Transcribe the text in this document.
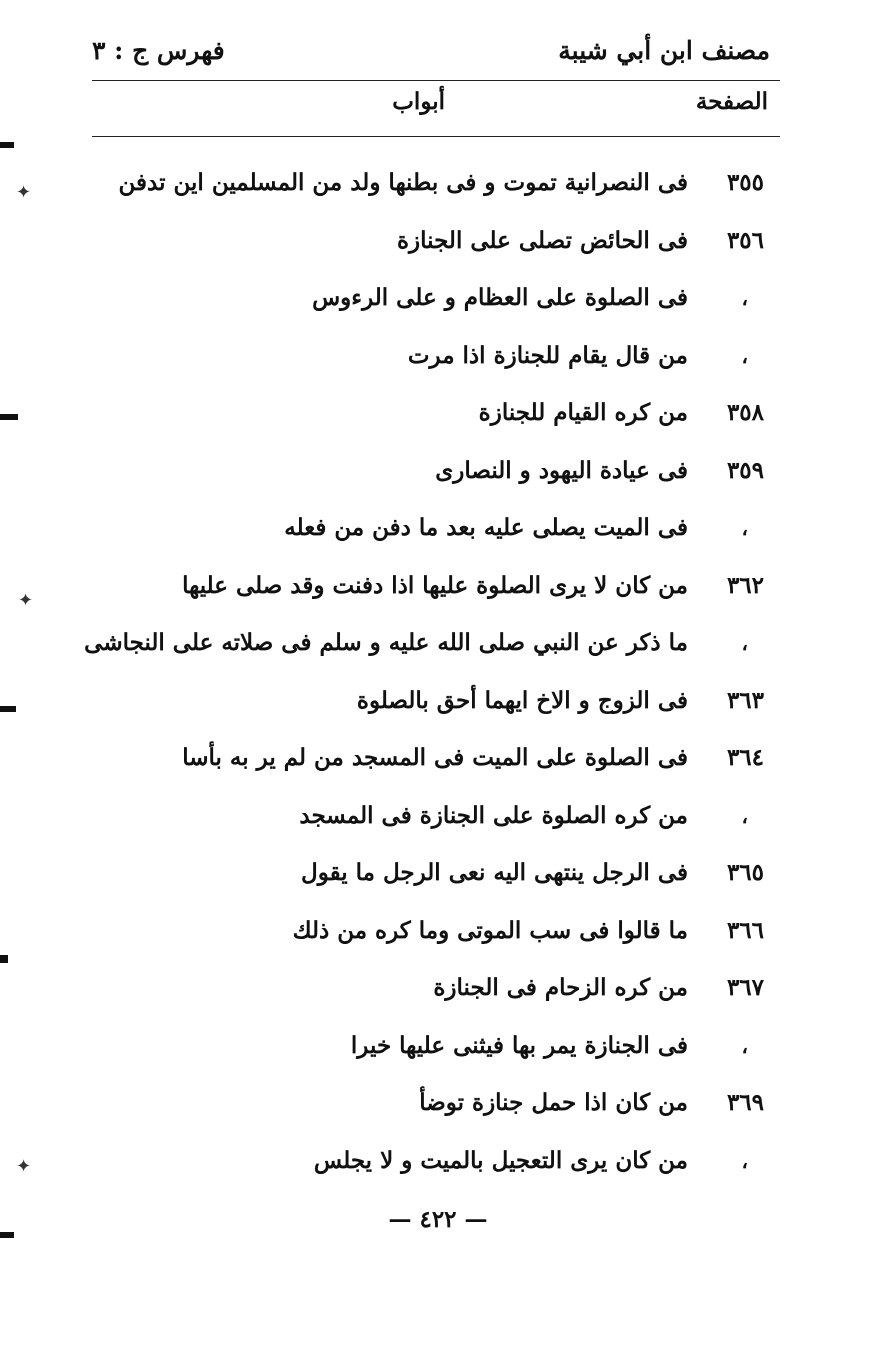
مصنف ابن أبي شيبة
فهرس ج : ٣
الصفحة
أبواب
٣٥٥
فى النصرانية تموت و فى بطنها ولد من المسلمين اين تدفن
٣٥٦
فى الحائض تصلى على الجنازة
،
فى الصلوة على العظام و على الرءوس
،
من قال يقام للجنازة اذا مرت
٣٥٨
من كره القيام للجنازة
٣٥٩
فى عيادة اليهود و النصارى
،
فى الميت يصلى عليه بعد ما دفن من فعله
٣٦٢
من كان لا يرى الصلوة عليها اذا دفنت وقد صلى عليها
،
ما ذكر عن النبي صلى الله عليه و سلم فى صلاته على النجاشى
٣٦٣
فى الزوج و الاخ ايهما أحق بالصلوة
٣٦٤
فى الصلوة على الميت فى المسجد من لم ير به بأسا
،
من كره الصلوة على الجنازة فى المسجد
٣٦٥
فى الرجل ينتهى اليه نعى الرجل ما يقول
٣٦٦
ما قالوا فى سب الموتى وما كره من ذلك
٣٦٧
من كره الزحام فى الجنازة
،
فى الجنازة يمر بها فيثنى عليها خيرا
٣٦٩
من كان اذا حمل جنازة توضأ
،
من كان يرى التعجيل بالميت و لا يجلس
— ٤٢٢ —
✦
✦
✦
